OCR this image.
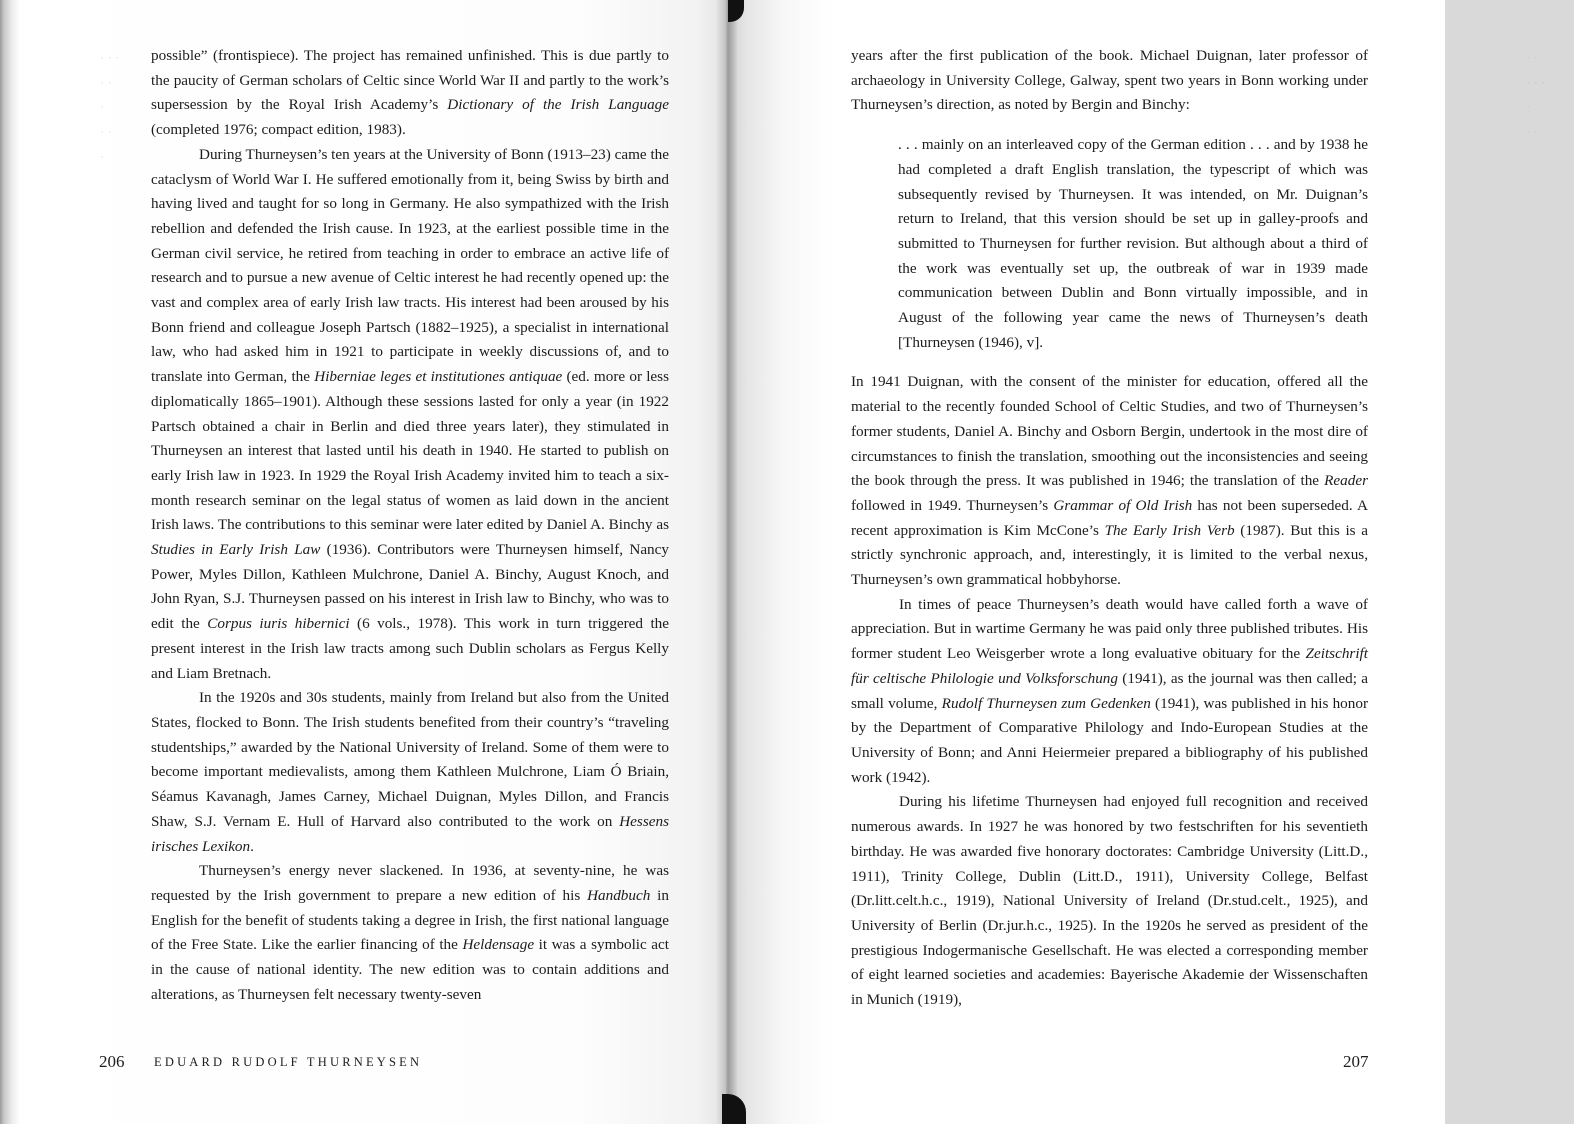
· · ·
· ·
·
· ·
·

possible” (frontispiece). The project has remained unfinished. This is due partly to the paucity of German scholars of Celtic since World War II and partly to the work’s supersession by the Royal Irish Academy’s Dictionary of the Irish Language (completed 1976; compact edition, 1983).

During Thurneysen’s ten years at the University of Bonn (1913–23) came the cataclysm of World War I. He suffered emotionally from it, being Swiss by birth and having lived and taught for so long in Germany. He also sympathized with the Irish rebellion and defended the Irish cause. In 1923, at the earliest possible time in the German civil service, he retired from teaching in order to embrace an active life of research and to pursue a new avenue of Celtic interest he had recently opened up: the vast and complex area of early Irish law tracts. His interest had been aroused by his Bonn friend and colleague Joseph Partsch (1882–1925), a specialist in international law, who had asked him in 1921 to participate in weekly discussions of, and to translate into German, the Hiberniae leges et institutiones antiquae (ed. more or less diplomatically 1865–1901). Although these sessions lasted for only a year (in 1922 Partsch obtained a chair in Berlin and died three years later), they stimulated in Thurneysen an interest that lasted until his death in 1940. He started to publish on early Irish law in 1923. In 1929 the Royal Irish Academy invited him to teach a six-month research seminar on the legal status of women as laid down in the ancient Irish laws. The contributions to this seminar were later edited by Daniel A. Binchy as Studies in Early Irish Law (1936). Contributors were Thurneysen himself, Nancy Power, Myles Dillon, Kathleen Mulchrone, Daniel A. Binchy, August Knoch, and John Ryan, S.J. Thurneysen passed on his interest in Irish law to Binchy, who was to edit the Corpus iuris hibernici (6 vols., 1978). This work in turn triggered the present interest in the Irish law tracts among such Dublin scholars as Fergus Kelly and Liam Bretnach.

In the 1920s and 30s students, mainly from Ireland but also from the United States, flocked to Bonn. The Irish students benefited from their country’s “traveling studentships,” awarded by the National University of Ireland. Some of them were to become important medievalists, among them Kathleen Mulchrone, Liam Ó Briain, Séamus Kavanagh, James Carney, Michael Duignan, Myles Dillon, and Francis Shaw, S.J. Vernam E. Hull of Harvard also contributed to the work on Hessens irisches Lexikon.

Thurneysen’s energy never slackened. In 1936, at seventy-nine, he was requested by the Irish government to prepare a new edition of his Handbuch in English for the benefit of students taking a degree in Irish, the first national language of the Free State. Like the earlier financing of the Heldensage it was a symbolic act in the cause of national identity. The new edition was to contain additions and alterations, as Thurneysen felt necessary twenty-seven

206 EDUARD RUDOLF THURNEYSEN
· ·
· · ·
·
· ·

years after the first publication of the book. Michael Duignan, later professor of archaeology in University College, Galway, spent two years in Bonn working under Thurneysen’s direction, as noted by Bergin and Binchy:

. . . mainly on an interleaved copy of the German edition . . . and by 1938 he had completed a draft English translation, the typescript of which was subsequently revised by Thurneysen. It was intended, on Mr. Duignan’s return to Ireland, that this version should be set up in galley-proofs and submitted to Thurneysen for further revision. But although about a third of the work was eventually set up, the outbreak of war in 1939 made communication between Dublin and Bonn virtually impossible, and in August of the following year came the news of Thurneysen’s death [Thurneysen (1946), v].

In 1941 Duignan, with the consent of the minister for education, offered all the material to the recently founded School of Celtic Studies, and two of Thurneysen’s former students, Daniel A. Binchy and Osborn Bergin, undertook in the most dire of circumstances to finish the translation, smoothing out the inconsistencies and seeing the book through the press. It was published in 1946; the translation of the Reader followed in 1949. Thurneysen’s Grammar of Old Irish has not been superseded. A recent approximation is Kim McCone’s The Early Irish Verb (1987). But this is a strictly synchronic approach, and, interestingly, it is limited to the verbal nexus, Thurneysen’s own grammatical hobbyhorse.

In times of peace Thurneysen’s death would have called forth a wave of appreciation. But in wartime Germany he was paid only three published tributes. His former student Leo Weisgerber wrote a long evaluative obituary for the Zeitschrift für celtische Philologie und Volksforschung (1941), as the journal was then called; a small volume, Rudolf Thurneysen zum Gedenken (1941), was published in his honor by the Department of Comparative Philology and Indo-European Studies at the University of Bonn; and Anni Heiermeier prepared a bibliography of his published work (1942).

During his lifetime Thurneysen had enjoyed full recognition and received numerous awards. In 1927 he was honored by two festschriften for his seventieth birthday. He was awarded five honorary doctorates: Cambridge University (Litt.D., 1911), Trinity College, Dublin (Litt.D., 1911), University College, Belfast (Dr.litt.celt.h.c., 1919), National University of Ireland (Dr.stud.celt., 1925), and University of Berlin (Dr.jur.h.c., 1925). In the 1920s he served as president of the prestigious Indogermanische Gesellschaft. He was elected a corresponding member of eight learned societies and academies: Bayerische Akademie der Wissenschaften in Munich (1919),

207
